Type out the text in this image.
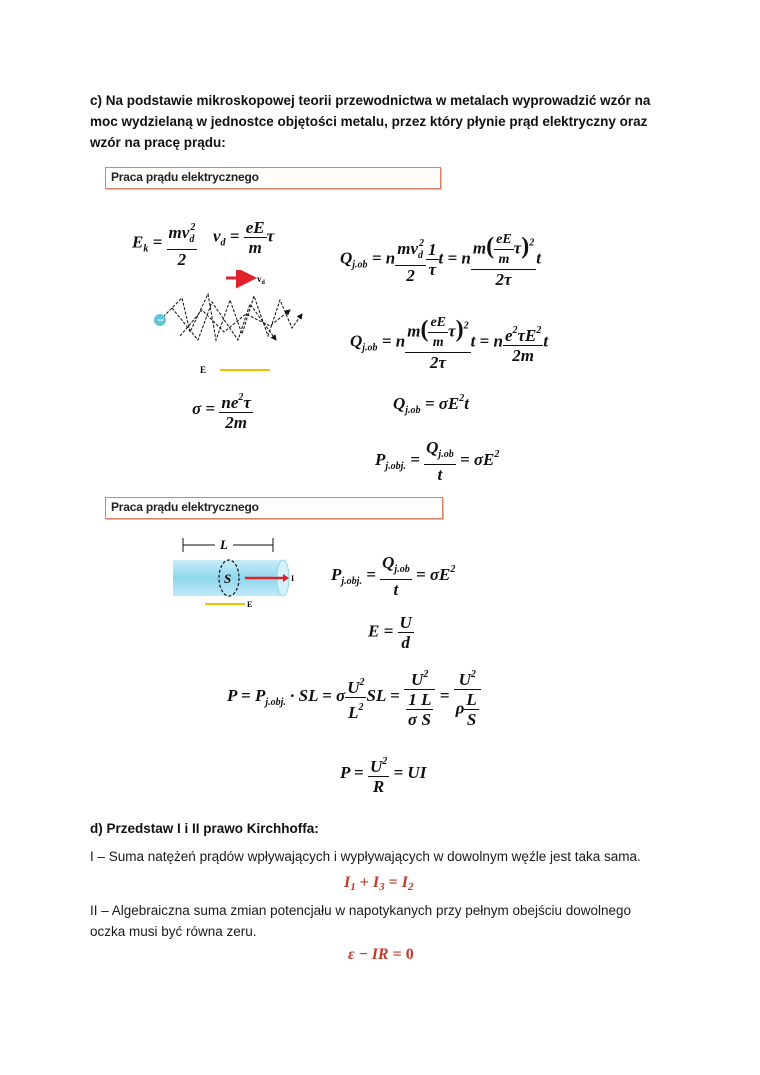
c) Na podstawie mikroskopowej teorii przewodnictwa w metalach wyprowadzić wzór na moc wydzielaną w jednostce objętości metalu, przez który płynie prąd elektryczny oraz wzór na pracę prądu:
Praca prądu elektrycznego
$E_k = \frac{mv_d^2}{2} v_d = \frac{eE}{m}$ τ
$Q_{j.ob} = n \frac{mv_d^2}{2} \frac{1}{\tau}$ t = n $\frac{m( \frac{eE}{m} \tau)^2}{2\tau}$ t
$v_d$
−
E
$Q_{j.ob} = n \frac{m( \frac{eE}{m} \tau)^2}{2\tau}$ t = n $\frac{e^2\tau E^2}{2m}$ t
$\sigma = \frac{ne^2\tau}{2m}$	$Q_{j.ob} = \sigma E^2t$
$P_{j.obj.} = \frac{Q_{j.ob}}{t} = \sigma E^2$
Praca prądu elektrycznego
L
S	I
E
$P_{j.obj.} = \frac{Q_{j.ob}}{t} = \sigma E^2$
$E = \frac{U}{d}$
$P = P_{j.obj.}$ · SL = σ $\frac{U^2}{L^2}$ SL = $\frac{U^2}{\frac{1}{\sigma} \frac{L}{S}} = \frac{U^2}{\rho \frac{L}{S}}$
$P = \frac{U^2}{R}$ = UI
d) Przedstaw I i II prawo Kirchhoffa:
I – Suma natężeń prądów wpływających i wypływających w dowolnym węźle jest taka sama.
I1 + I3 = I2
II – Algebraiczna suma zmian potencjału w napotykanych przy pełnym obejściu dowolnego oczka musi być równa zeru.
ε − IR = 0
